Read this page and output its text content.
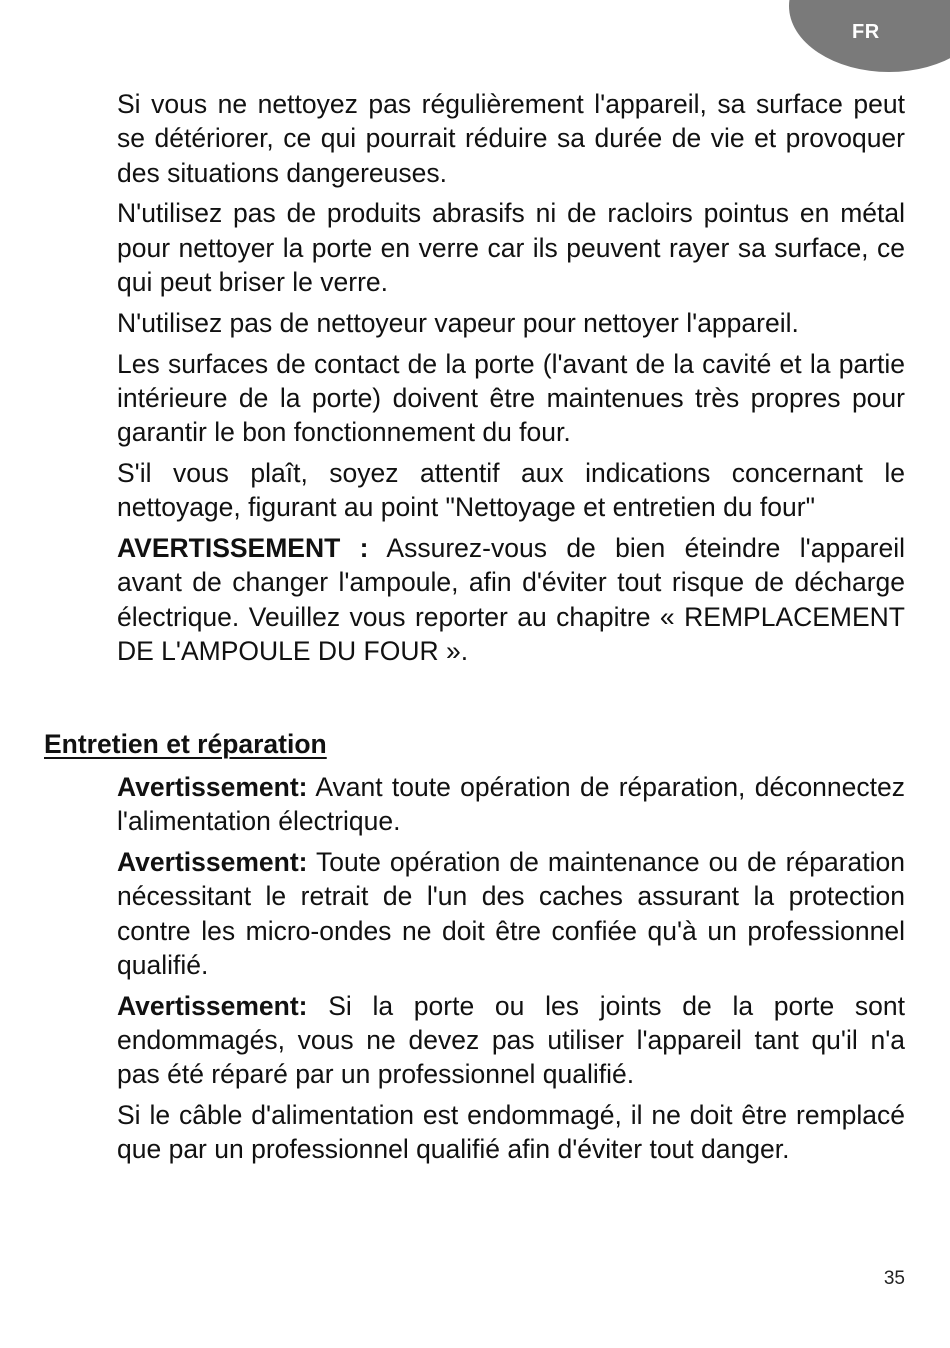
FR

Si vous ne nettoyez pas régulièrement l'appareil, sa surface peut se détériorer, ce qui pourrait réduire sa durée de vie et provoquer des situations dangereuses.

N'utilisez pas de produits abrasifs ni de racloirs pointus en métal pour nettoyer la porte en verre car ils peuvent rayer sa surface, ce qui peut briser le verre.

N'utilisez pas de nettoyeur vapeur pour nettoyer l'appareil.

Les surfaces de contact de la porte (l'avant de la cavité et la partie intérieure de la porte) doivent être maintenues très propres pour garantir le bon fonctionnement du four.

S'il vous plaît, soyez attentif aux indications concernant le nettoyage, figurant au point "Nettoyage et entretien du four"

AVERTISSEMENT : Assurez-vous de bien éteindre l'appareil avant de changer l'ampoule, afin d'éviter tout risque de décharge électrique. Veuillez vous reporter au chapitre « REMPLACEMENT DE L'AMPOULE DU FOUR ».

Entretien et réparation

Avertissement: Avant toute opération de réparation, déconnectez l'alimentation électrique.

Avertissement: Toute opération de maintenance ou de réparation nécessitant le retrait de l'un des caches assurant la protection contre les micro-ondes ne doit être confiée qu'à un professionnel qualifié.

Avertissement: Si la porte ou les joints de la porte sont endommagés, vous ne devez pas utiliser l'appareil tant qu'il n'a pas été réparé par un professionnel qualifié.

Si le câble d'alimentation est endommagé, il ne doit être remplacé que par un professionnel qualifié afin d'éviter tout danger.

35
